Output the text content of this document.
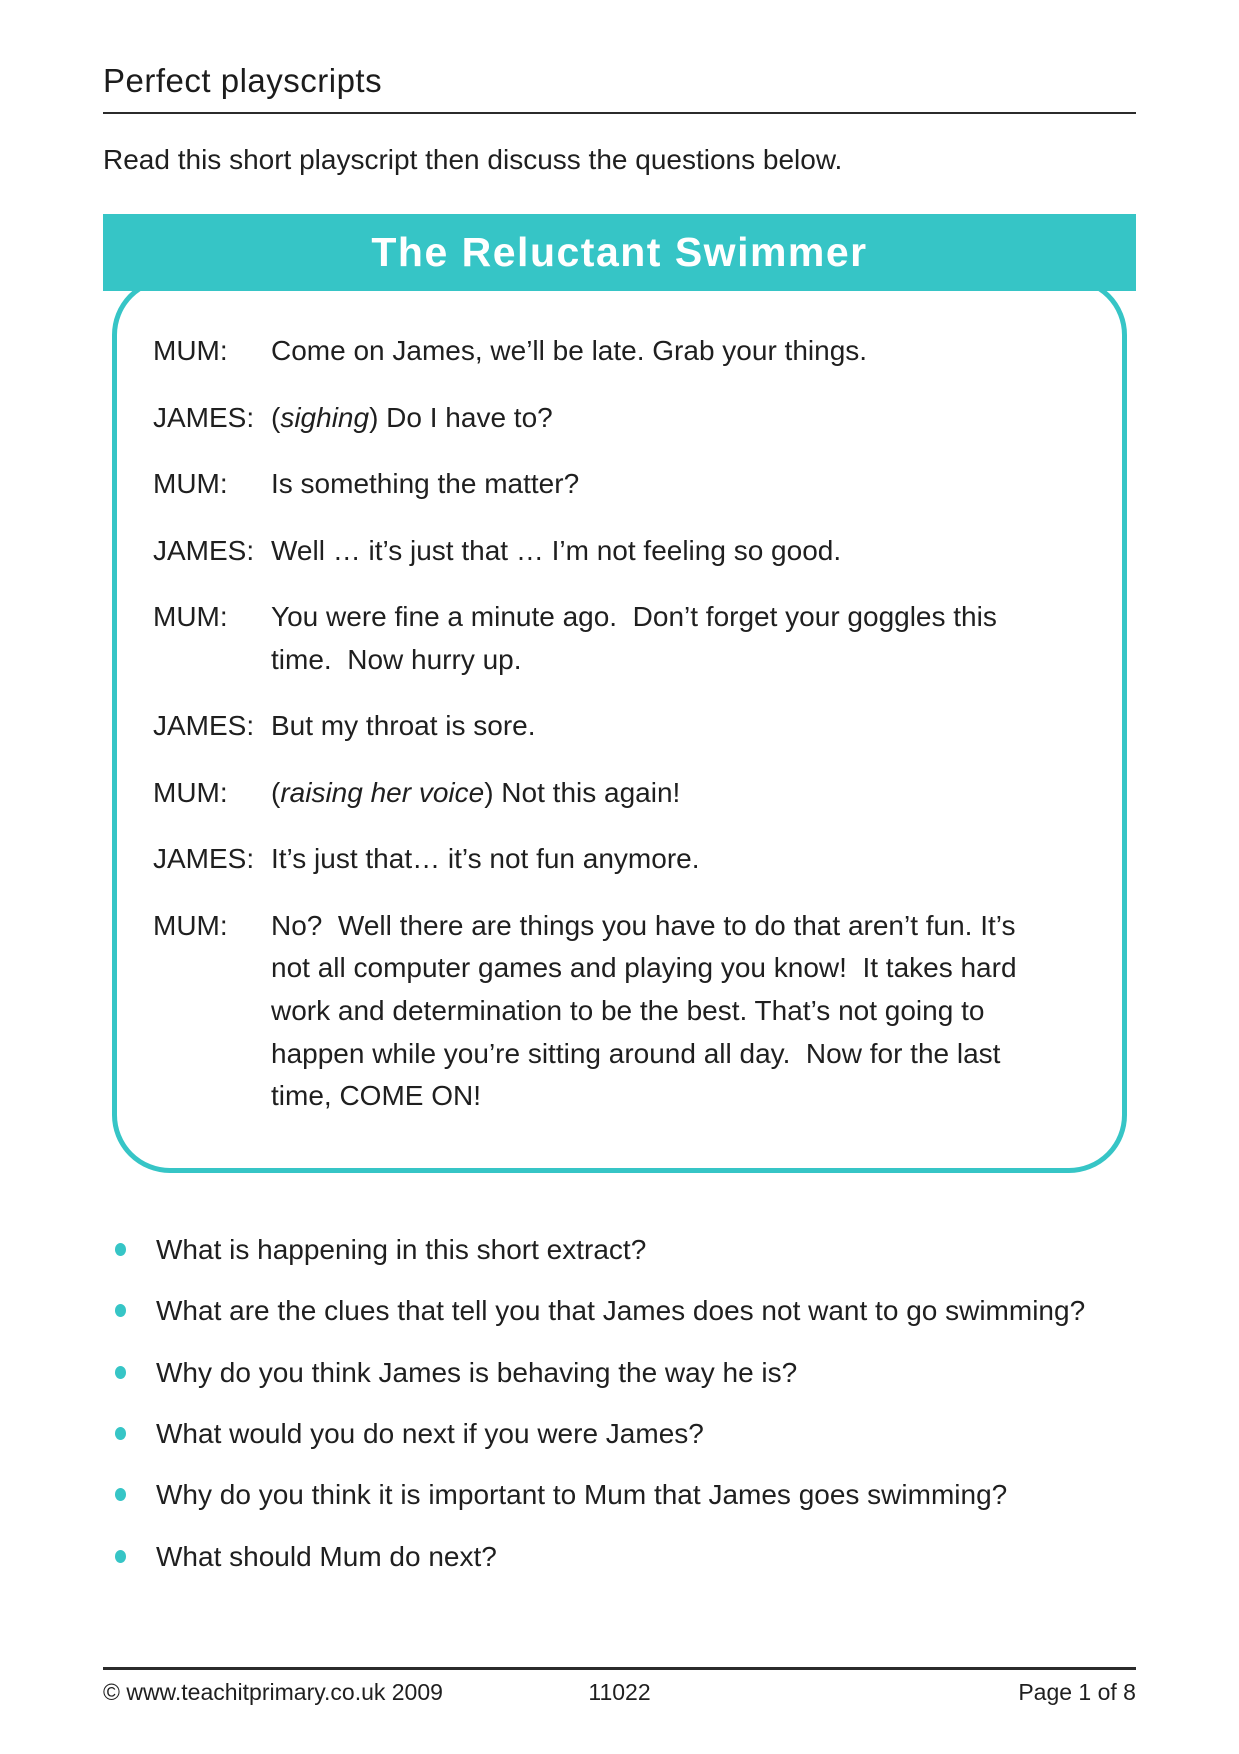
Perfect playscripts

Read this short playscript then discuss the questions below.

The Reluctant Swimmer
MUM:	Come on James, we’ll be late. Grab your things.
JAMES: (sighing) Do I have to?
MUM:	Is something the matter?
JAMES: Well … it’s just that … I’m not feeling so good.
MUM:	You were fine a minute ago.  Don’t forget your goggles this time.  Now hurry up.
JAMES: But my throat is sore.
MUM:	(raising her voice) Not this again!
JAMES: It’s just that… it’s not fun anymore.
MUM:	No?  Well there are things you have to do that aren’t fun. It’s not all computer games and playing you know!  It takes hard work and determination to be the best. That’s not going to happen while you’re sitting around all day.  Now for the last time, COME ON!
What is happening in this short extract?
What are the clues that tell you that James does not want to go swimming?
Why do you think James is behaving the way he is?
What would you do next if you were James?
Why do you think it is important to Mum that James goes swimming?
What should Mum do next?
© www.teachitprimary.co.uk 2009	11022	Page 1 of 8
